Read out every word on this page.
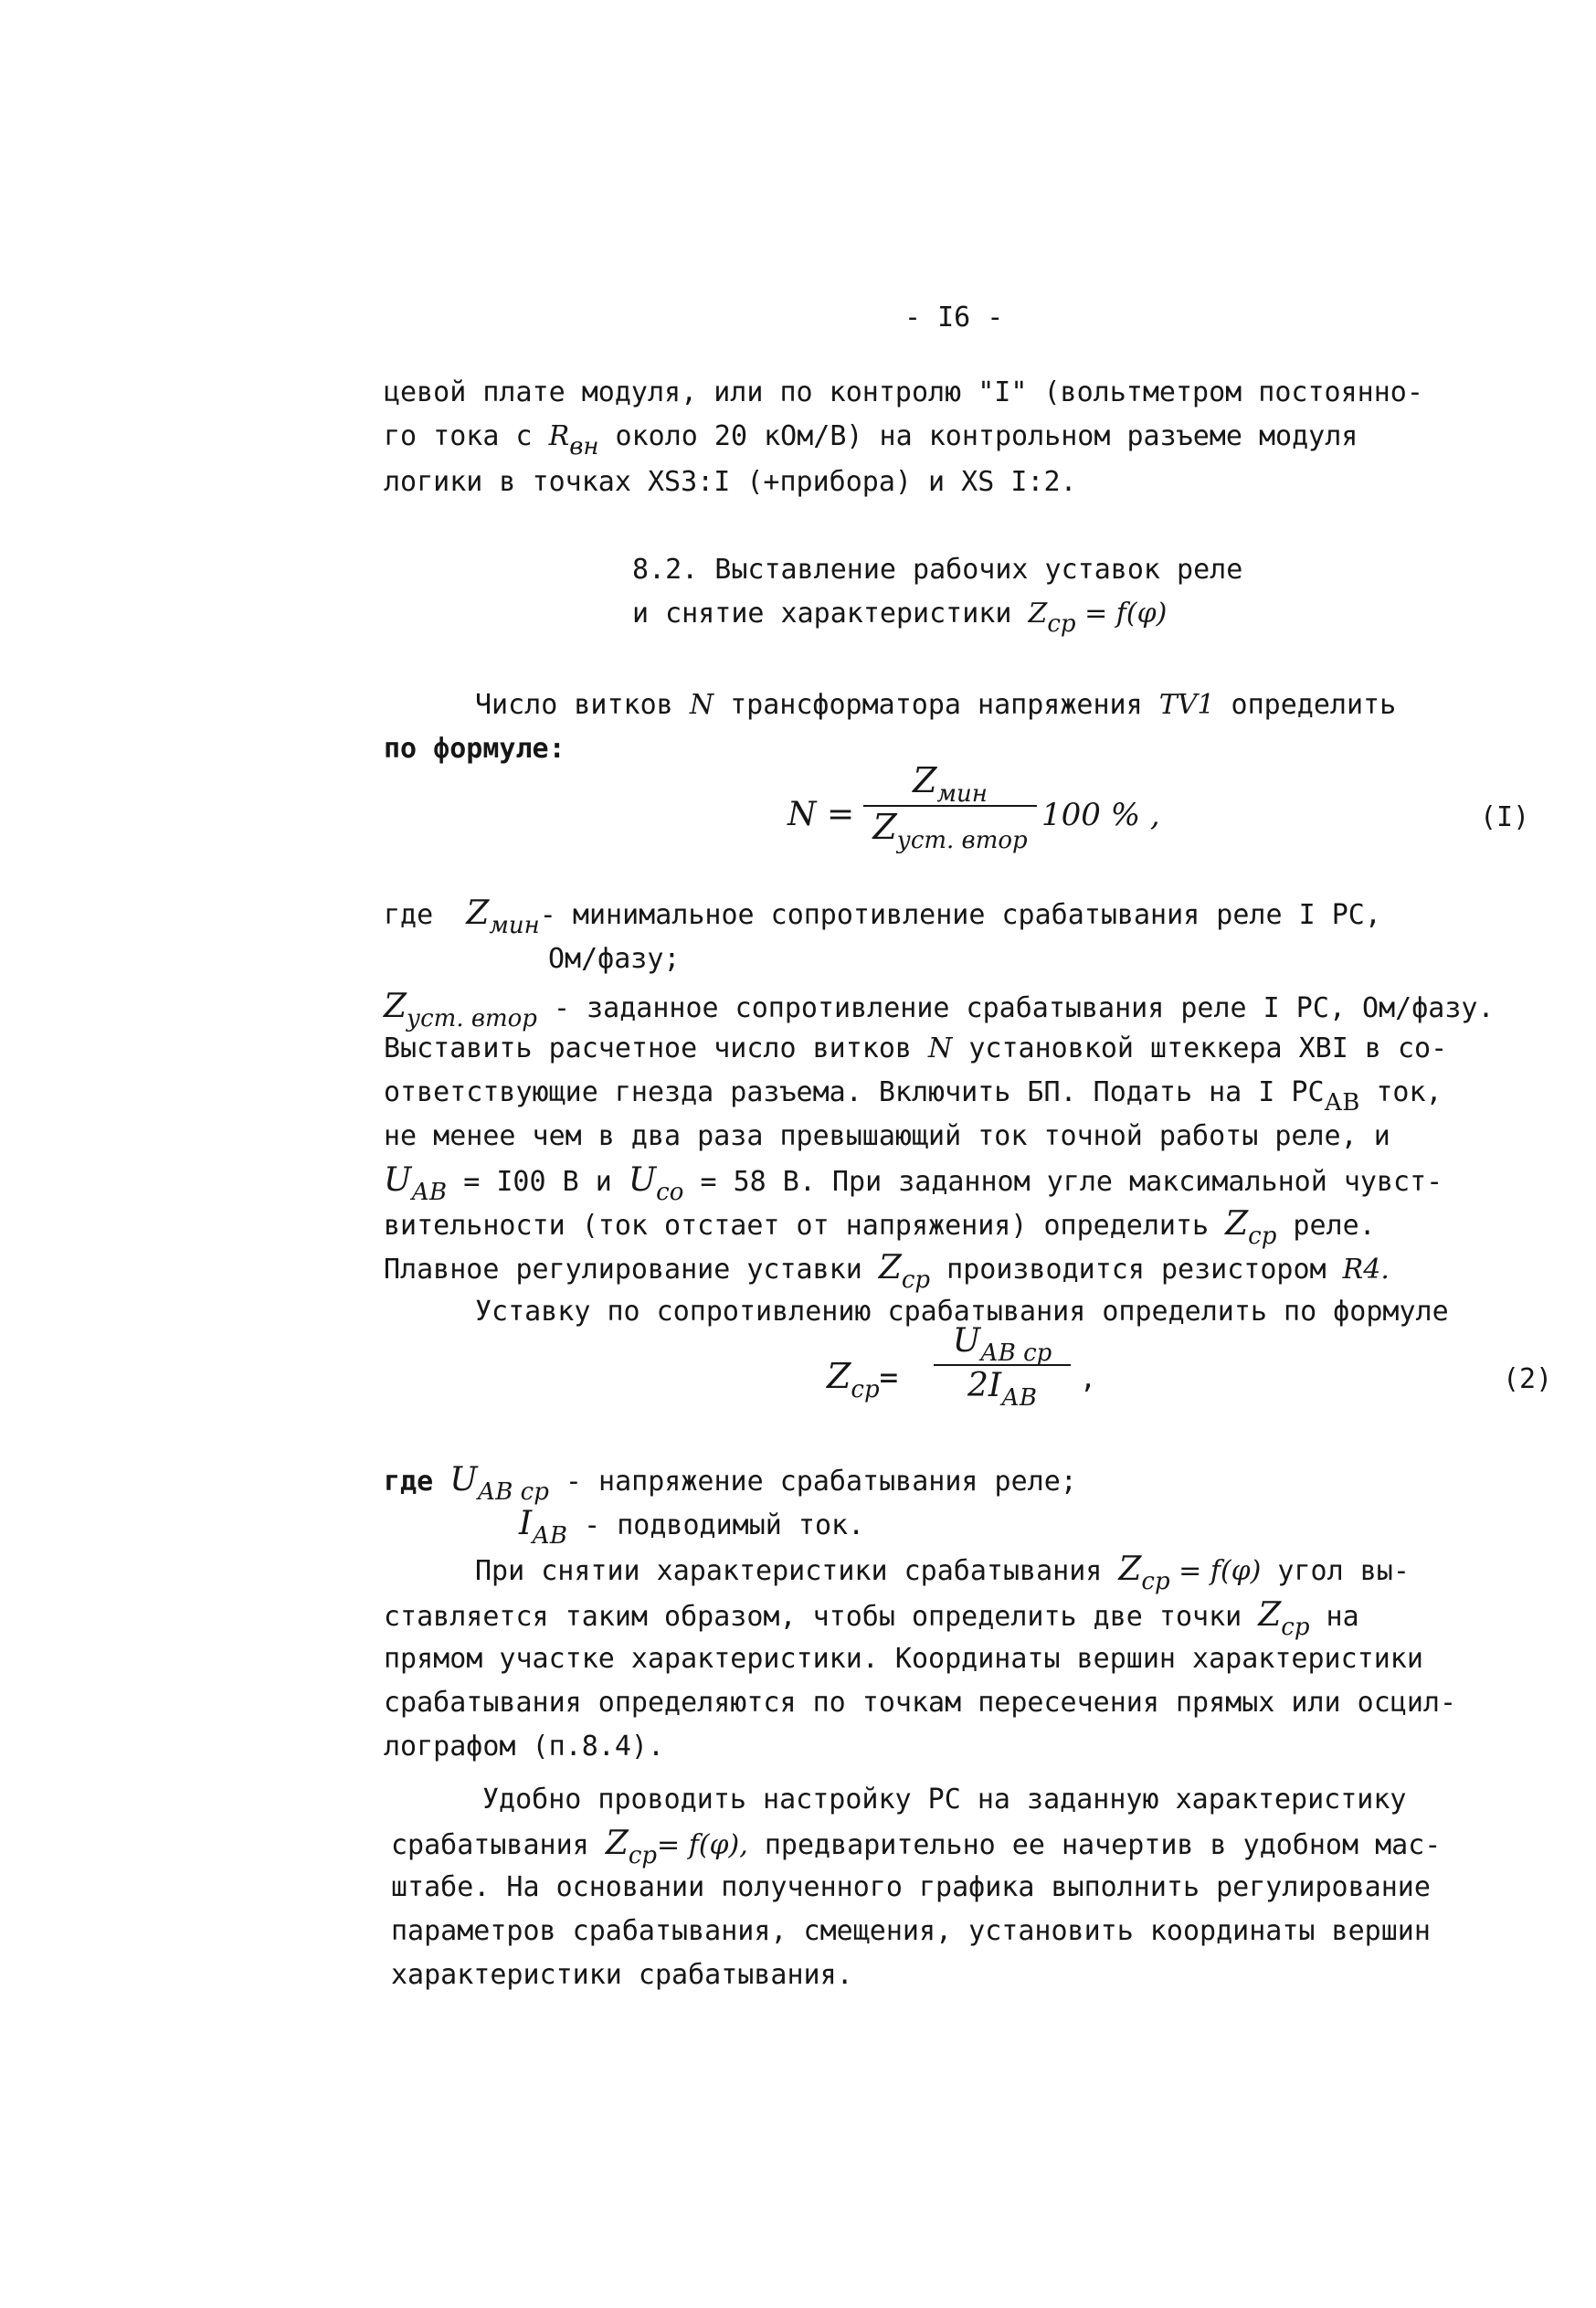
- I6 -
цевой плате модуля, или по контролю "I" (вольтметром постоянно-
го тока с Rвн около 20 кОм/В) на контрольном разъеме модуля
логики в точках XS3:I (+прибора) и XS I:2.
8.2. Выставление рабочих уставок реле
и снятие характеристики Zср = f(φ)
Число витков N трансформатора напряжения TV1 определить
по формуле:
N =
Zмин
Zуст. втор
100 % ,	(I)
где Zмин- минимальное сопротивление срабатывания реле I РС,
Ом/фазу;
Zуст. втор - заданное сопротивление срабатывания реле I РС, Ом/фазу.
Выставить расчетное число витков N установкой штеккера ХВI в со-
ответствующие гнезда разъема. Включить БП. Подать на I РСАВ ток,
не менее чем в два раза превышающий ток точной работы реле, и
UАВ = I00 В и Uсо = 58 В. При заданном угле максимальной чувст-
вительности (ток отстает от напряжения) определить Zср реле.
Плавное регулирование уставки Zср производится резистором R4.
Уставку по сопротивлению срабатывания определить по формуле
Zср=
UАВ ср
2IАВ
,	(2)
где UАВ ср - напряжение срабатывания реле;
IАВ - подводимый ток.
При снятии характеристики срабатывания Zср = f(φ) угол вы-
ставляется таким образом, чтобы определить две точки Zср на
прямом участке характеристики. Координаты вершин характеристики
срабатывания определяются по точкам пересечения прямых или осцил-
лографом (п.8.4).
Удобно проводить настройку РС на заданную характеристику
срабатывания Zср= f(φ), предварительно ее начертив в удобном мас-
штабе. На основании полученного графика выполнить регулирование
параметров срабатывания, смещения, установить координаты вершин
характеристики срабатывания.
